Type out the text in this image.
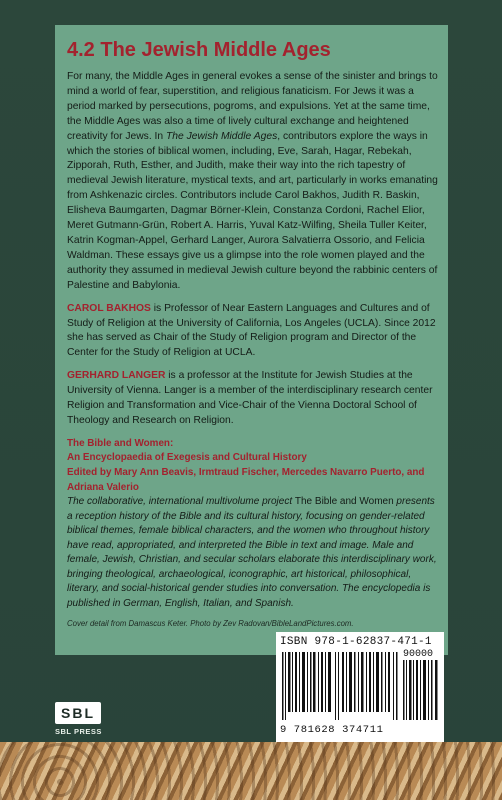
4.2 The Jewish Middle Ages

For many, the Middle Ages in general evokes a sense of the sinister and brings to mind a world of fear, superstition, and religious fanaticism. For Jews it was a period marked by persecutions, pogroms, and expulsions. Yet at the same time, the Middle Ages was also a time of lively cultural exchange and heightened creativity for Jews. In The Jewish Middle Ages, contributors explore the ways in which the stories of biblical women, including, Eve, Sarah, Hagar, Rebekah, Zipporah, Ruth, Esther, and Judith, make their way into the rich tapestry of medieval Jewish literature, mystical texts, and art, particularly in works emanating from Ashkenazic circles. Contributors include Carol Bakhos, Judith R. Baskin, Elisheva Baumgarten, Dagmar Börner-Klein, Constanza Cordoni, Rachel Elior, Meret Gutmann-Grün, Robert A. Harris, Yuval Katz-Wilfing, Sheila Tuller Keiter, Katrin Kogman-Appel, Gerhard Langer, Aurora Salvatierra Ossorio, and Felicia Waldman. These essays give us a glimpse into the role women played and the authority they assumed in medieval Jewish culture beyond the rabbinic centers of Palestine and Babylonia.

CAROL BAKHOS is Professor of Near Eastern Languages and Cultures and of Study of Religion at the University of California, Los Angeles (UCLA). Since 2012 she has served as Chair of the Study of Religion program and Director of the Center for the Study of Religion at UCLA.

GERHARD LANGER is a professor at the Institute for Jewish Studies at the University of Vienna. Langer is a member of the interdisciplinary research center Religion and Transformation and Vice-Chair of the Vienna Doctoral School of Theology and Research on Religion.

The Bible and Women:
An Encyclopaedia of Exegesis and Cultural History
Edited by Mary Ann Beavis, Irmtraud Fischer, Mercedes Navarro Puerto, and Adriana Valerio

The collaborative, international multivolume project The Bible and Women presents a reception history of the Bible and its cultural history, focusing on gender-related biblical themes, female biblical characters, and the women who throughout history have read, appropriated, and interpreted the Bible in text and image. Male and female, Jewish, Christian, and secular scholars elaborate this interdisciplinary work, bringing theological, archaeological, iconographic, art historical, philosophical, literary, and social-historical gender studies into conversation. The encyclopedia is published in German, English, Italian, and Spanish.

Cover detail from Damascus Keter. Photo by Zev Radovan/BibleLandPictures.com.
SBL
SBL PRESS
ISBN 978-1-62837-471-1
90000
9 781628 374711
